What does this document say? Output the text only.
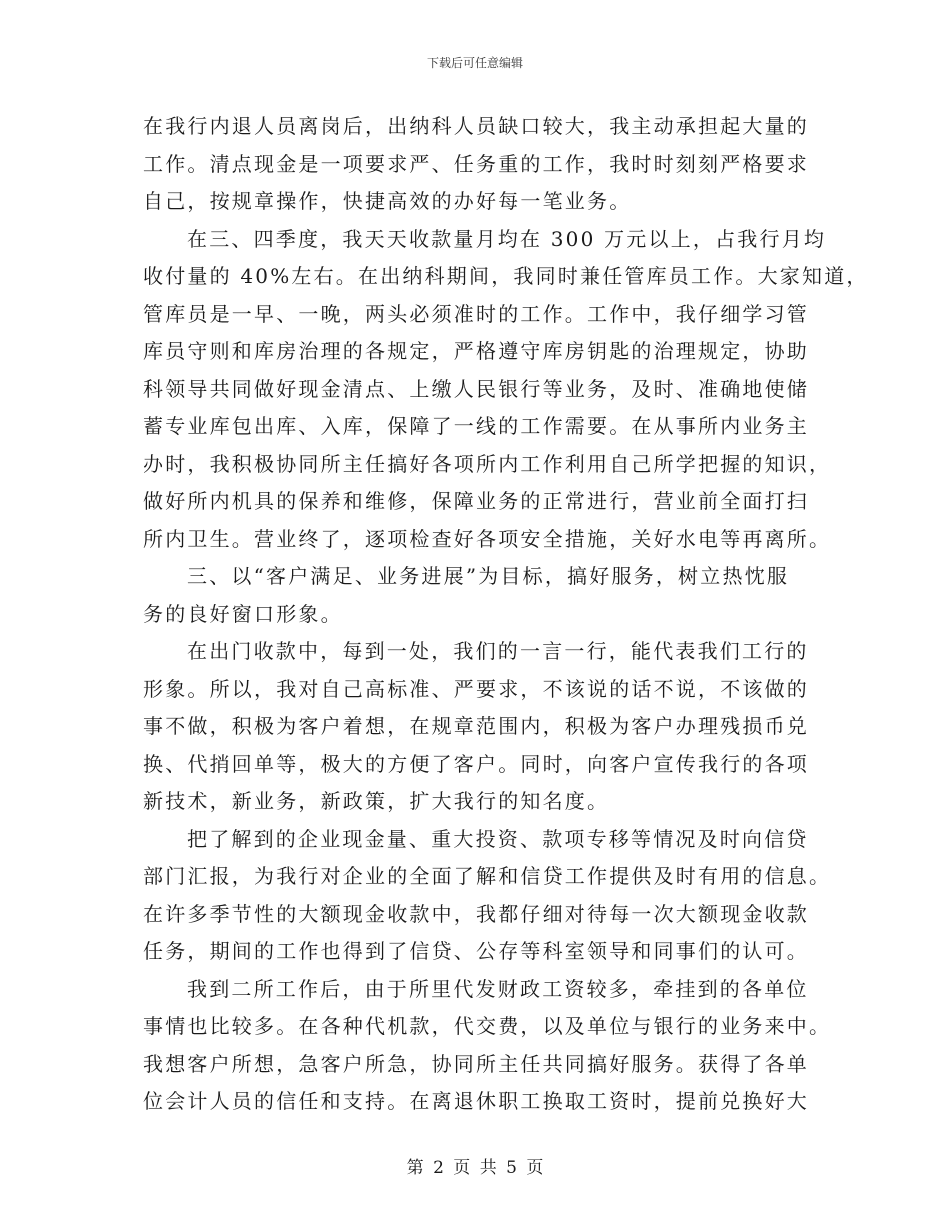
下载后可任意编辑
在我行内退人员离岗后，出纳科人员缺口较大，我主动承担起大量的
工作。清点现金是一项要求严、任务重的工作，我时时刻刻严格要求
自己，按规章操作，快捷高效的办好每一笔业务。
在三、四季度，我天天收款量月均在 300 万元以上，占我行月均
收付量的 40%左右。在出纳科期间，我同时兼任管库员工作。大家知道，
管库员是一早、一晚，两头必须准时的工作。工作中，我仔细学习管
库员守则和库房治理的各规定，严格遵守库房钥匙的治理规定，协助
科领导共同做好现金清点、上缴人民银行等业务，及时、准确地使储
蓄专业库包出库、入库，保障了一线的工作需要。在从事所内业务主
办时，我积极协同所主任搞好各项所内工作利用自己所学把握的知识，
做好所内机具的保养和维修，保障业务的正常进行，营业前全面打扫
所内卫生。营业终了，逐项检查好各项安全措施，关好水电等再离所。
三、以“客户满足、业务进展”为目标，搞好服务，树立热忱服
务的良好窗口形象。
在出门收款中，每到一处，我们的一言一行，能代表我们工行的
形象。所以，我对自己高标准、严要求，不该说的话不说，不该做的
事不做，积极为客户着想，在规章范围内，积极为客户办理残损币兑
换、代捎回单等，极大的方便了客户。同时，向客户宣传我行的各项
新技术，新业务，新政策，扩大我行的知名度。
把了解到的企业现金量、重大投资、款项专移等情况及时向信贷
部门汇报，为我行对企业的全面了解和信贷工作提供及时有用的信息。
在许多季节性的大额现金收款中，我都仔细对待每一次大额现金收款
任务，期间的工作也得到了信贷、公存等科室领导和同事们的认可。
我到二所工作后，由于所里代发财政工资较多，牵挂到的各单位
事情也比较多。在各种代机款，代交费，以及单位与银行的业务来中。
我想客户所想，急客户所急，协同所主任共同搞好服务。获得了各单
位会计人员的信任和支持。在离退休职工换取工资时，提前兑换好大
第 2 页 共 5 页
